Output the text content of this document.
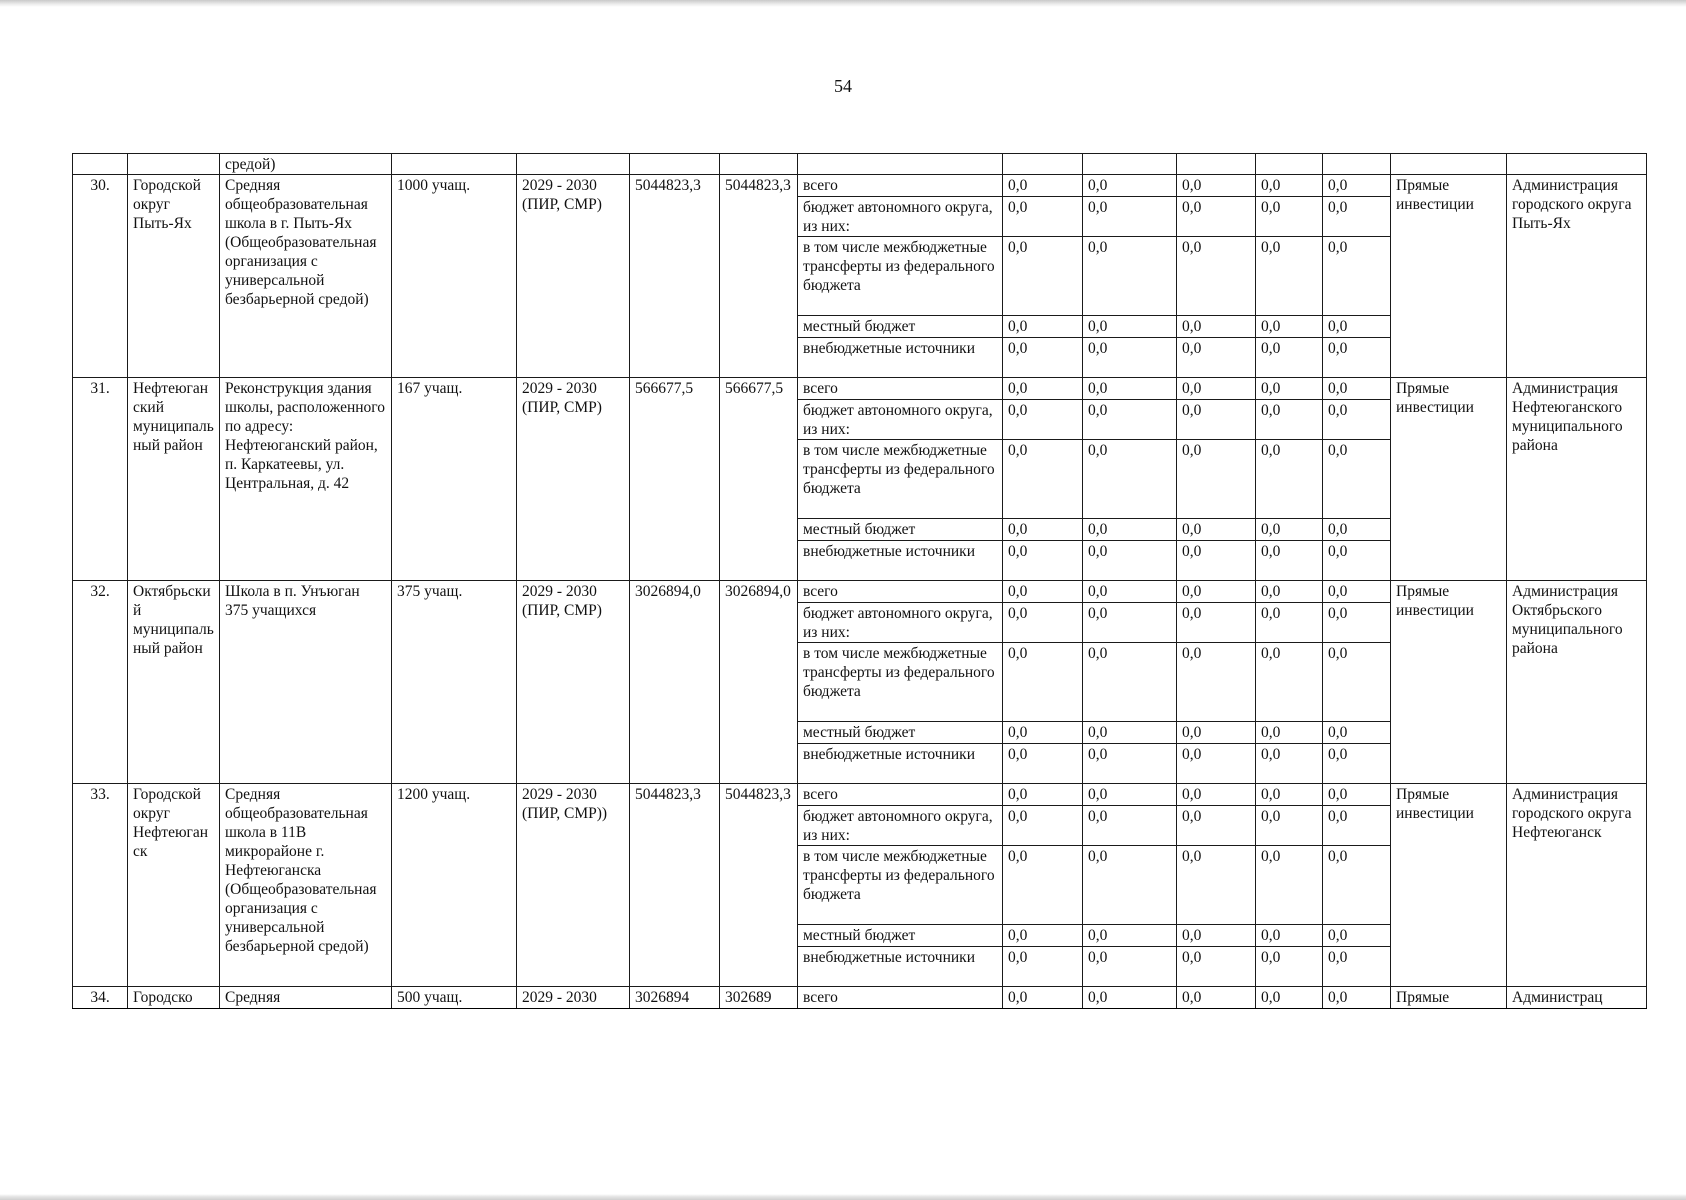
54
		средой)												
30.	Городской округ Пыть-Ях	Средняя общеобразовательная школа в г. Пыть-Ях (Общеобразовательная организация с универсальной безбарьерной средой)	1000 учащ.	2029 - 2030 (ПИР, СМР)	5044823,3	5044823,3	всего	0,0	0,0	0,0	0,0	0,0	Прямые инвестиции	Администрация городского округа Пыть-Ях
							бюджет автономного округа, из них:	0,0	0,0	0,0	0,0	0,0		
							в том числе межбюджетные трансферты из федерального бюджета	0,0	0,0	0,0	0,0	0,0		
							местный бюджет	0,0	0,0	0,0	0,0	0,0		
							внебюджетные источники	0,0	0,0	0,0	0,0	0,0		
31.	Нефтеюганский муниципальный район	Реконструкция здания школы, расположенного по адресу: Нефтеюганский район, п. Каркатеевы, ул. Центральная, д. 42	167 учащ.	2029 - 2030 (ПИР, СМР)	566677,5	566677,5	всего	0,0	0,0	0,0	0,0	0,0	Прямые инвестиции	Администрация Нефтеюганского муниципального района
							бюджет автономного округа, из них:	0,0	0,0	0,0	0,0	0,0		
							в том числе межбюджетные трансферты из федерального бюджета	0,0	0,0	0,0	0,0	0,0		
							местный бюджет	0,0	0,0	0,0	0,0	0,0		
							внебюджетные источники	0,0	0,0	0,0	0,0	0,0		
32.	Октябрьский муниципальный район	Школа в п. Унъюган 375 учащихся	375 учащ.	2029 - 2030 (ПИР, СМР)	3026894,0	3026894,0	всего	0,0	0,0	0,0	0,0	0,0	Прямые инвестиции	Администрация Октябрьского муниципального района
							бюджет автономного округа, из них:	0,0	0,0	0,0	0,0	0,0		
							в том числе межбюджетные трансферты из федерального бюджета	0,0	0,0	0,0	0,0	0,0		
							местный бюджет	0,0	0,0	0,0	0,0	0,0		
							внебюджетные источники	0,0	0,0	0,0	0,0	0,0		
33.	Городской округ Нефтеюганск	Средняя общеобразовательная школа в 11В микрорайоне г. Нефтеюганска (Общеобразовательная организация с универсальной безбарьерной средой)	1200 учащ.	2029 - 2030 (ПИР, СМР))	5044823,3	5044823,3	всего	0,0	0,0	0,0	0,0	0,0	Прямые инвестиции	Администрация городского округа Нефтеюганск
							бюджет автономного округа, из них:	0,0	0,0	0,0	0,0	0,0		
							в том числе межбюджетные трансферты из федерального бюджета	0,0	0,0	0,0	0,0	0,0		
							местный бюджет	0,0	0,0	0,0	0,0	0,0		
							внебюджетные источники	0,0	0,0	0,0	0,0	0,0		
34.	Городско	Средняя	500 учащ.	2029 - 2030	3026894	302689	всего	0,0	0,0	0,0	0,0	0,0	Прямые	Администрац
